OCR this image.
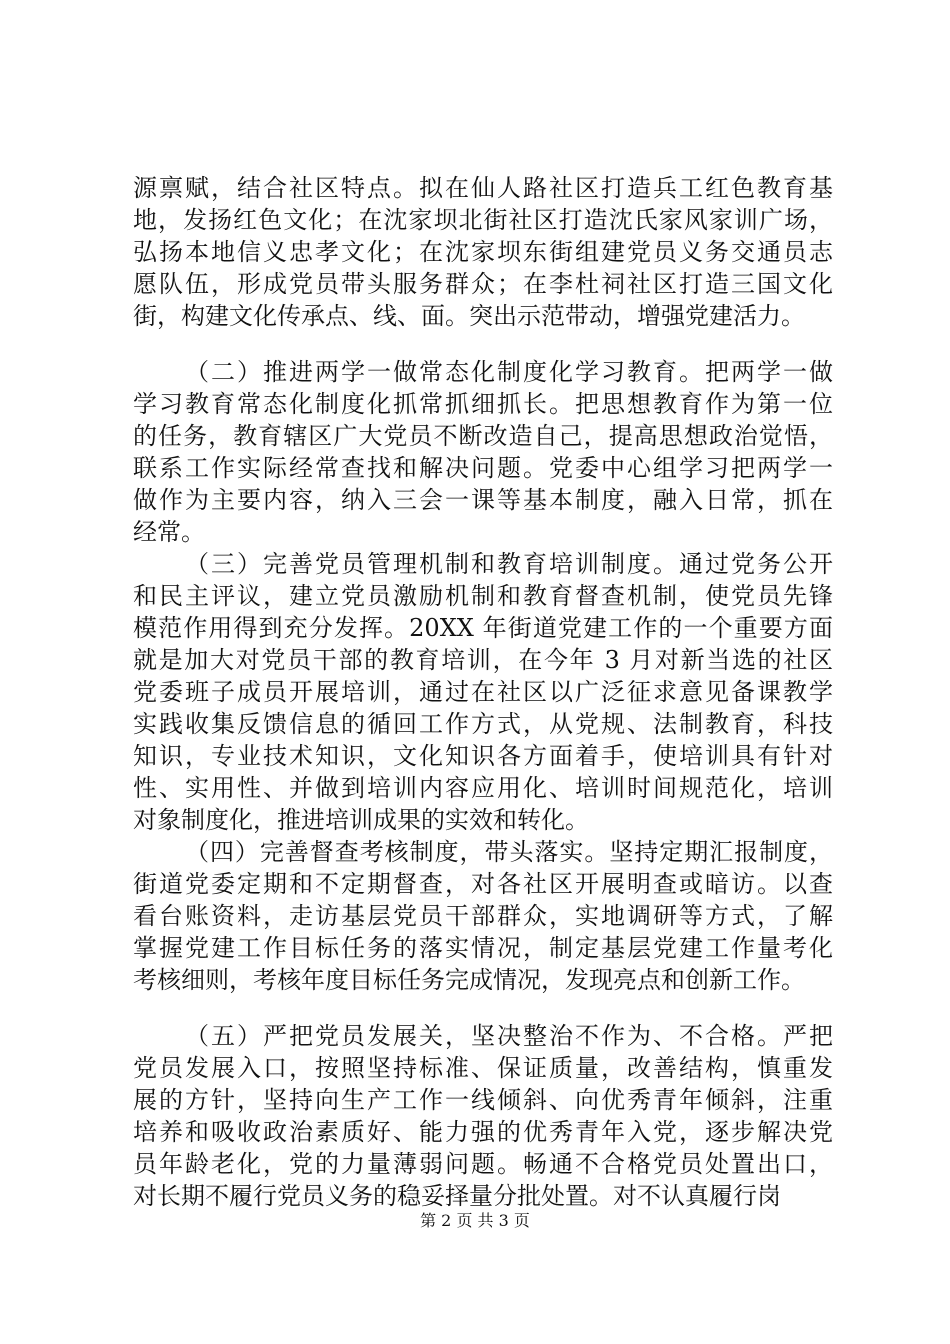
源禀赋，结合社区特点。拟在仙人路社区打造兵工红色教育基
地，发扬红色文化；在沈家坝北街社区打造沈氏家风家训广场，
弘扬本地信义忠孝文化；在沈家坝东街组建党员义务交通员志
愿队伍，形成党员带头服务群众；在李杜祠社区打造三国文化
街，构建文化传承点、线、面。突出示范带动，增强党建活力。
（二）推进两学一做常态化制度化学习教育。把两学一做
学习教育常态化制度化抓常抓细抓长。把思想教育作为第一位
的任务，教育辖区广大党员不断改造自己，提高思想政治觉悟，
联系工作实际经常查找和解决问题。党委中心组学习把两学一
做作为主要内容，纳入三会一课等基本制度，融入日常，抓在
经常。
（三）完善党员管理机制和教育培训制度。通过党务公开
和民主评议，建立党员激励机制和教育督查机制，使党员先锋
模范作用得到充分发挥。20XX 年街道党建工作的一个重要方面
就是加大对党员干部的教育培训，在今年 3 月对新当选的社区
党委班子成员开展培训，通过在社区以广泛征求意见备课教学
实践收集反馈信息的循回工作方式，从党规、法制教育，科技
知识，专业技术知识，文化知识各方面着手，使培训具有针对
性、实用性、并做到培训内容应用化、培训时间规范化，培训
对象制度化，推进培训成果的实效和转化。
（四）完善督查考核制度，带头落实。坚持定期汇报制度，
街道党委定期和不定期督查，对各社区开展明查或暗访。以查
看台账资料，走访基层党员干部群众，实地调研等方式，了解
掌握党建工作目标任务的落实情况，制定基层党建工作量考化
考核细则，考核年度目标任务完成情况，发现亮点和创新工作。
（五）严把党员发展关，坚决整治不作为、不合格。严把
党员发展入口，按照坚持标准、保证质量，改善结构，慎重发
展的方针，坚持向生产工作一线倾斜、向优秀青年倾斜，注重
培养和吸收政治素质好、能力强的优秀青年入党，逐步解决党
员年龄老化，党的力量薄弱问题。畅通不合格党员处置出口，
对长期不履行党员义务的稳妥择量分批处置。对不认真履行岗
第 2 页 共 3 页
